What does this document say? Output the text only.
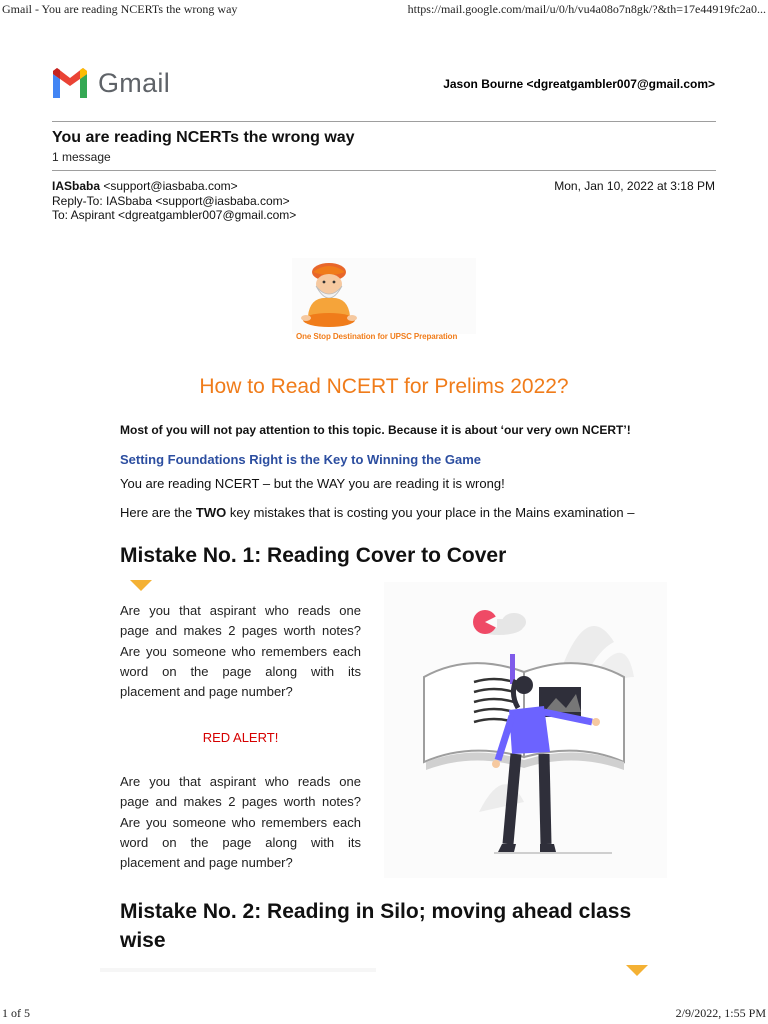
Gmail - You are reading NCERTs the wrong way	https://mail.google.com/mail/u/0/h/vu4a08o7n8gk/?&th=17e44919fc2a0...
Gmail	Jason Bourne <dgreatgambler007@gmail.com>
You are reading NCERTs the wrong way
1 message
IASbaba <support@iasbaba.com>
Reply-To: IASbaba <support@iasbaba.com>
To: Aspirant <dgreatgambler007@gmail.com>
Mon, Jan 10, 2022 at 3:18 PM
One Stop Destination for UPSC Preparation
How to Read NCERT for Prelims 2022?
Most of you will not pay attention to this topic. Because it is about ‘our very own NCERT’!
Setting Foundations Right is the Key to Winning the Game
You are reading NCERT – but the WAY you are reading it is wrong!
Here are the TWO key mistakes that is costing you your place in the Mains examination –
Mistake No. 1: Reading Cover to Cover
Are you that aspirant who reads one page and makes 2 pages worth notes? Are you someone who remembers each word on the page along with its placement and page number?
RED ALERT!
Are you that aspirant who reads one page and makes 2 pages worth notes? Are you someone who remembers each word on the page along with its placement and page number?
Mistake No. 2: Reading in Silo; moving ahead class wise
1 of 5	2/9/2022, 1:55 PM
